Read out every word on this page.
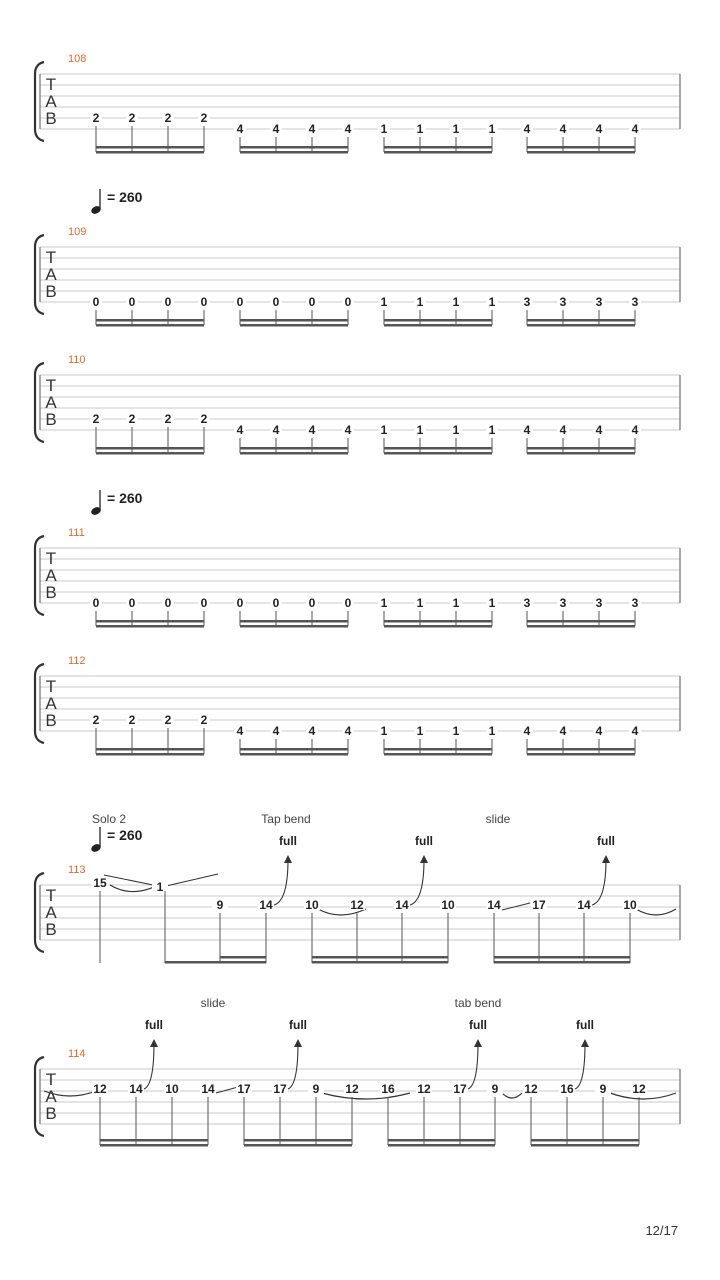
T
A
B
108
2 2 2 2
4 4 4 4 1 1 1 1 4 4 4 4
T
A
B
109
= 260
0 0 0 0 0 0 0 0 1 1 1 1 3 3 3 3
T
A
B
110
2 2 2 2
4 4 4 4 1 1 1 1 4 4 4 4
T
A
B
111
= 260
0 0 0 0 0 0 0 0 1 1 1 1 3 3 3 3
T
A
B
112
2 2 2 2
4 4 4 4 1 1 1 1 4 4 4 4
T
A
B
113
= 260
Solo 2	Tap bend	slide
15	1
9	14	10	12	14	10	14	17	14	10
full	full	full
T
A
B
114
slide	tab bend
12 14 10 14 17 17 9 12 16 12 17 9 12 16 9 12
full	full	full	full
12/17
